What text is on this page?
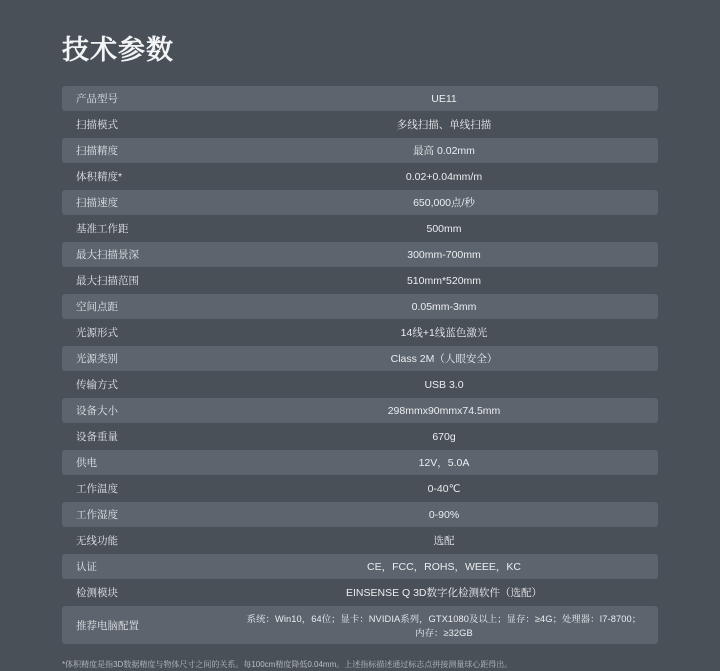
技术参数
产品型号	UE11
扫描模式	多线扫描、单线扫描
扫描精度	最高 0.02mm
体积精度*	0.02+0.04mm/m
扫描速度	650,000点/秒
基准工作距	500mm
最大扫描景深	300mm-700mm
最大扫描范围	510mm*520mm
空间点距	0.05mm-3mm
光源形式	14线+1线蓝色激光
光源类别	Class 2M（人眼安全）
传输方式	USB 3.0
设备大小	298mmx90mmx74.5mm
设备重量	670g
供电	12V，5.0A
工作温度	0-40℃
工作湿度	0-90%
无线功能	选配
认证	CE，FCC，ROHS，WEEE，KC
检测模块	EINSENSE Q 3D数字化检测软件（选配）
推荐电脑配置	系统：Win10，64位；显卡：NVIDIA系列，GTX1080及以上；显存：≥4G；处理器：I7-8700；内存：≥32GB
*体积精度是指3D数据精度与物体尺寸之间的关系。每100cm精度降低0.04mm。上述指标描述通过标志点拼接测量球心距得出。
